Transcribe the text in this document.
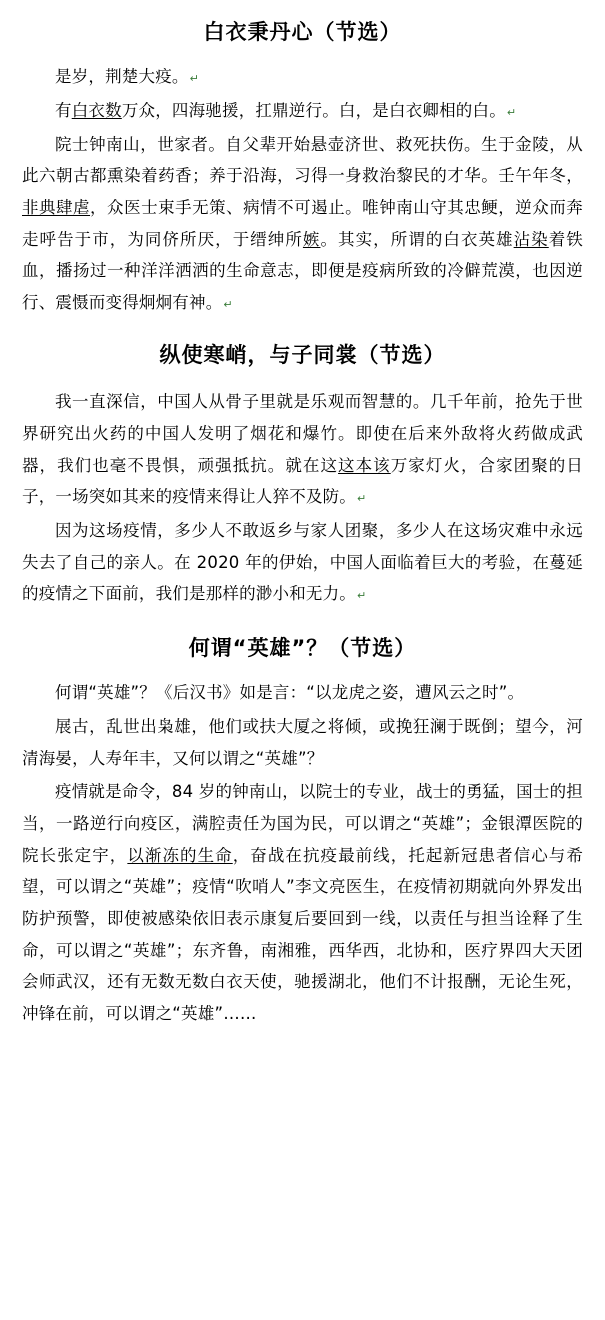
白衣秉丹心（节选）

是岁，荆楚大疫。 ↵

有白衣数万众，四海驰援，扛鼎逆行。白，是白衣卿相的白。 ↵

院士钟南山，世家者。自父辈开始悬壶济世、救死扶伤。生于金陵，从此六朝古都熏染着药香；养于沿海，习得一身救治黎民的才华。壬午年冬，非典肆虐，众医士束手无策、病情不可遏止。唯钟南山守其忠鲠，逆众而奔走呼告于市，为同侪所厌，于缙绅所嫉。其实，所谓的白衣英雄沾染着铁血，播扬过一种洋洋洒洒的生命意志，即便是疫病所致的冷僻荒漠，也因逆行、震慑而变得炯炯有神。 ↵

纵使寒峭，与子同裳（节选）

我一直深信，中国人从骨子里就是乐观而智慧的。几千年前，抢先于世界研究出火药的中国人发明了烟花和爆竹。即使在后来外敌将火药做成武器，我们也毫不畏惧，顽强抵抗。就在这这本该万家灯火，合家团聚的日子，一场突如其来的疫情来得让人猝不及防。 ↵

因为这场疫情，多少人不敢返乡与家人团聚，多少人在这场灾难中永远失去了自己的亲人。在 2020 年的伊始，中国人面临着巨大的考验，在蔓延的疫情之下面前，我们是那样的渺小和无力。 ↵

何谓“英雄”？（节选）

何谓“英雄”？《后汉书》如是言：“以龙虎之姿，遭风云之时”。

展古，乱世出枭雄，他们或扶大厦之将倾，或挽狂澜于既倒；望今，河清海晏，人寿年丰，又何以谓之“英雄”？

疫情就是命令，84 岁的钟南山，以院士的专业，战士的勇猛，国士的担当，一路逆行向疫区，满腔责任为国为民，可以谓之“英雄”；金银潭医院的院长张定宇，以渐冻的生命，奋战在抗疫最前线，托起新冠患者信心与希望，可以谓之“英雄”；疫情“吹哨人”李文亮医生，在疫情初期就向外界发出防护预警，即使被感染依旧表示康复后要回到一线，以责任与担当诠释了生命，可以谓之“英雄”；东齐鲁，南湘雅，西华西，北协和，医疗界四大天团会师武汉，还有无数无数白衣天使，驰援湖北，他们不计报酬，无论生死，冲锋在前，可以谓之“英雄”……
